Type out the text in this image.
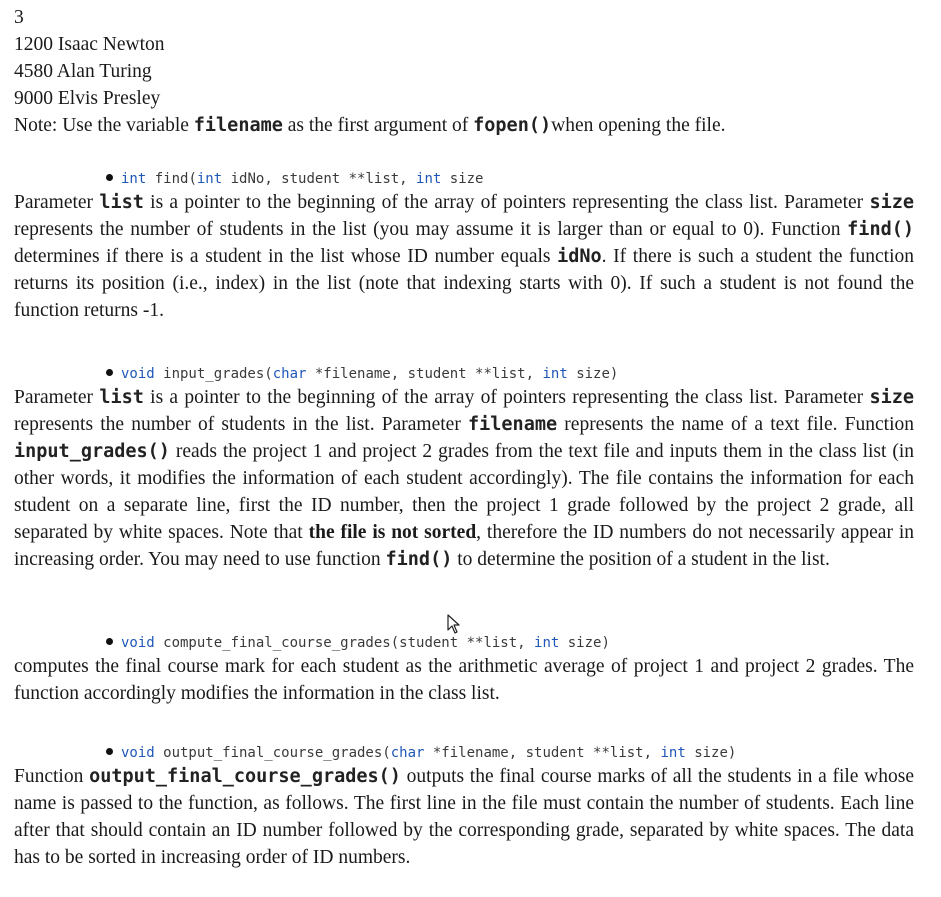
3
1200 Isaac Newton
4580 Alan Turing
9000 Elvis Presley
Note: Use the variable filename as the first argument of fopen()when opening the file.
int find(int idNo, student **list, int size
Parameter list is a pointer to the beginning of the array of pointers representing the class list. Parameter size represents the number of students in the list (you may assume it is larger than or equal to 0). Function find() determines if there is a student in the list whose ID number equals idNo. If there is such a student the function returns its position (i.e., index) in the list (note that indexing starts with 0). If such a student is not found the function returns -1.
void input_grades(char *filename, student **list, int size)
Parameter list is a pointer to the beginning of the array of pointers representing the class list. Parameter size represents the number of students in the list. Parameter filename represents the name of a text file. Function input_grades() reads the project 1 and project 2 grades from the text file and inputs them in the class list (in other words, it modifies the information of each student accordingly). The file contains the information for each student on a separate line, first the ID number, then the project 1 grade followed by the project 2 grade, all separated by white spaces. Note that the file is not sorted, therefore the ID numbers do not necessarily appear in increasing order. You may need to use function find() to determine the position of a student in the list.
void compute_final_course_grades(student **list, int size)
computes the final course mark for each student as the arithmetic average of project 1 and project 2 grades. The function accordingly modifies the information in the class list.
void output_final_course_grades(char *filename, student **list, int size)
Function output_final_course_grades() outputs the final course marks of all the students in a file whose name is passed to the function, as follows. The first line in the file must contain the number of students. Each line after that should contain an ID number followed by the corresponding grade, separated by white spaces. The data has to be sorted in increasing order of ID numbers.
